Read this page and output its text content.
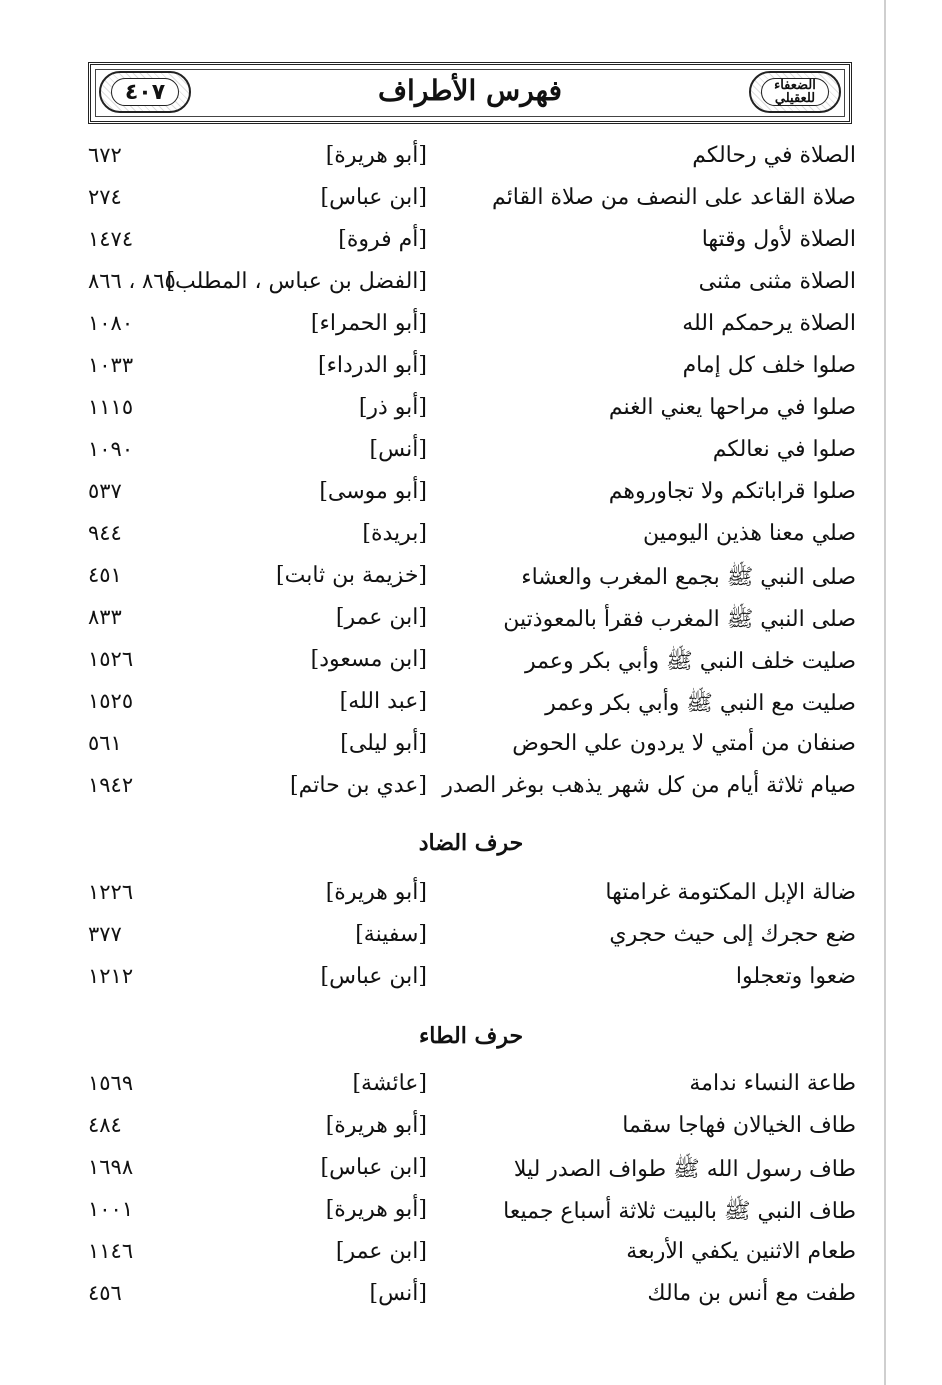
٤٠٧	فهرس الأطراف	الضعفاء للعقيلي
الصلاة في رحالكم
[أبو هريرة]
٦٧٢
صلاة القاعد على النصف من صلاة القائم
[ابن عباس]
٢٧٤
الصلاة لأول وقتها
[أم فروة]
١٤٧٤
الصلاة مثنى مثنى
[الفضل بن عباس ، المطلب]
٨٦٥ ، ٨٦٦
الصلاة يرحمكم الله
[أبو الحمراء]
١٠٨٠
صلوا خلف كل إمام
[أبو الدرداء]
١٠٣٣
صلوا في مراحها يعني الغنم
[أبو ذر]
١١١٥
صلوا في نعالكم
[أنس]
١٠٩٠
صلوا قراباتكم ولا تجاوروهم
[أبو موسى]
٥٣٧
صلي معنا هذين اليومين
[بريدة]
٩٤٤
صلى النبي ﷺ بجمع المغرب والعشاء
[خزيمة بن ثابت]
٤٥١
صلى النبي ﷺ المغرب فقرأ بالمعوذتين
[ابن عمر]
٨٣٣
صليت خلف النبي ﷺ وأبي بكر وعمر
[ابن مسعود]
١٥٢٦
صليت مع النبي ﷺ وأبي بكر وعمر
[عبد الله]
١٥٢٥
صنفان من أمتي لا يردون علي الحوض
[أبو ليلى]
٥٦١
صيام ثلاثة أيام من كل شهر يذهب بوغر الصدر
[عدي بن حاتم]
١٩٤٢
حرف الضاد
ضالة الإبل المكتومة غرامتها
[أبو هريرة]
١٢٢٦
ضع حجرك إلى حيث حجري
[سفينة]
٣٧٧
ضعوا وتعجلوا
[ابن عباس]
١٢١٢
حرف الطاء
طاعة النساء ندامة
[عائشة]
١٥٦٩
طاف الخيالان فهاجا سقما
[أبو هريرة]
٤٨٤
طاف رسول الله ﷺ طواف الصدر ليلا
[ابن عباس]
١٦٩٨
طاف النبي ﷺ بالبيت ثلاثة أسباع جميعا
[أبو هريرة]
١٠٠١
طعام الاثنين يكفي الأربعة
[ابن عمر]
١١٤٦
طفت مع أنس بن مالك
[أنس]
٤٥٦
